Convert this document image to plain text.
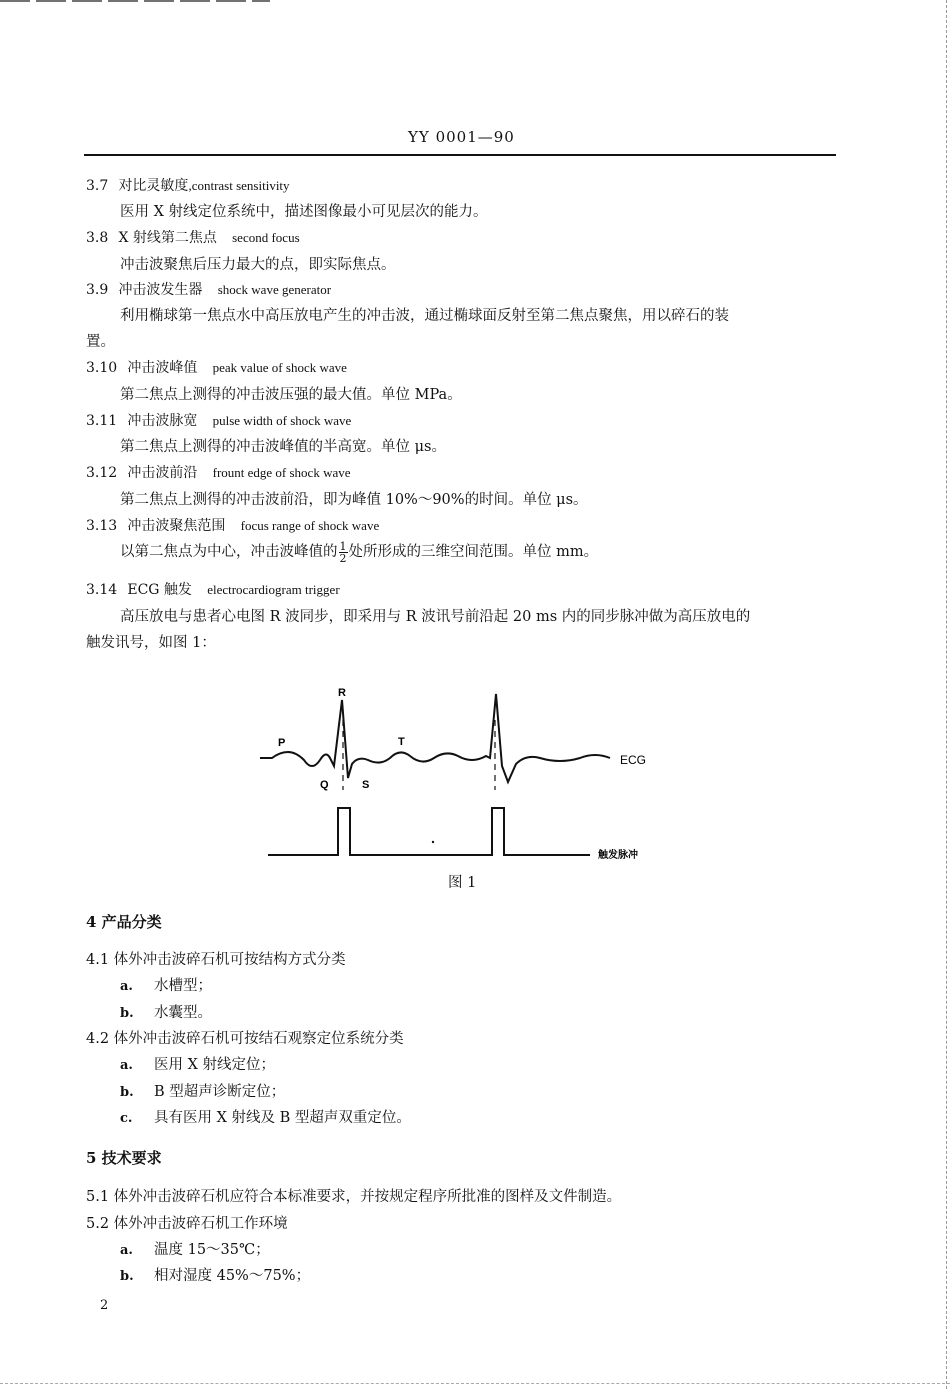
YY 0001—90
3.7 对比灵敏度,contrast sensitivity
医用 X 射线定位系统中，描述图像最小可见层次的能力。
3.8 X 射线第二焦点 second focus
冲击波聚焦后压力最大的点，即实际焦点。
3.9 冲击波发生器 shock wave generator
利用椭球第一焦点水中高压放电产生的冲击波，通过椭球面反射至第二焦点聚焦，用以碎石的装
置。
3.10 冲击波峰值 peak value of shock wave
第二焦点上测得的冲击波压强的最大值。单位 MPa。
3.11 冲击波脉宽 pulse width of shock wave
第二焦点上测得的冲击波峰值的半高宽。单位 μs。
3.12 冲击波前沿 frount edge of shock wave
第二焦点上测得的冲击波前沿，即为峰值 10%～90%的时间。单位 μs。
3.13 冲击波聚焦范围 focus range of shock wave
以第二焦点为中心，冲击波峰值的 $\frac{1}{2}$ 处所形成的三维空间范围。单位 mm。
3.14 ECG 触发 electrocardiogram trigger
高压放电与患者心电图 R 波同步，即采用与 R 波讯号前沿起 20 ms 内的同步脉冲做为高压放电的
触发讯号，如图 1：
R
P	T
Q	S
ECG
触发脉冲
图 1
4 产品分类
4.1 体外冲击波碎石机可按结构方式分类
a. 水槽型；
b. 水囊型。
4.2 体外冲击波碎石机可按结石观察定位系统分类
a. 医用 X 射线定位；
b. B 型超声诊断定位；
c. 具有医用 X 射线及 B 型超声双重定位。
5 技术要求
5.1 体外冲击波碎石机应符合本标准要求，并按规定程序所批准的图样及文件制造。
5.2 体外冲击波碎石机工作环境
a. 温度 15～35℃；
b. 相对湿度 45%～75%；
2
